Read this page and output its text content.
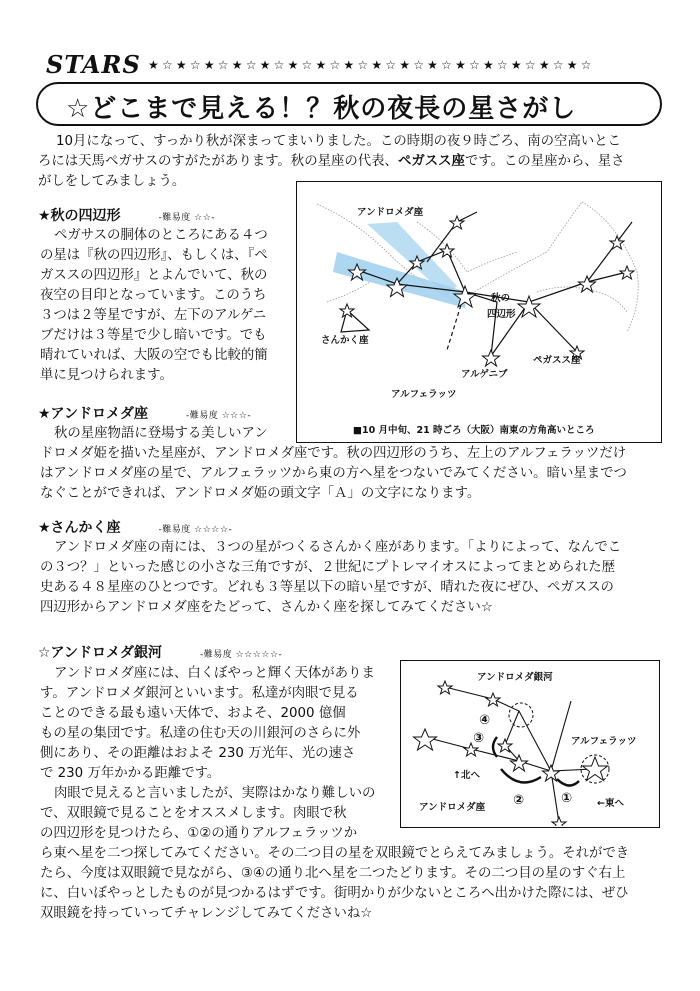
STARS ★☆★☆★☆★☆★☆★☆★☆★☆★☆★☆★☆★☆★☆★☆★☆★☆
☆どこまで見える！？秋の夜長の星さがし
10月になって、すっかり秋が深まってまいりました。この時期の夜９時ごろ、南の空高いとこ
ろには天馬ペガサスのすがたがあります。秋の星座の代表、ペガスス座です。この星座から、星さ
がしをしてみましょう。
★秋の四辺形	-難易度 ☆☆-
ペガサスの胴体のところにある４つ
の星は『秋の四辺形』、もしくは、『ペ
ガススの四辺形』とよんでいて、秋の
夜空の目印となっています。このうち
３つは２等星ですが、左下のアルゲニ
ブだけは３等星で少し暗いです。でも
晴れていれば、大阪の空でも比較的簡
単に見つけられます。
★アンドロメダ座	-難易度 ☆☆☆-
秋の星座物語に登場する美しいアン
ドロメダ姫を描いた星座が、アンドロメダ座です。秋の四辺形のうち、左上のアルフェラッツだけ
はアンドロメダ座の星で、アルフェラッツから東の方へ星をつないでみてください。暗い星までつ
なぐことができれば、アンドロメダ姫の頭文字「Ａ」の文字になります。
★さんかく座	-難易度 ☆☆☆☆-
アンドロメダ座の南には、３つの星がつくるさんかく座があります。「よりによって、なんでこ
の３つ？」といった感じの小さな三角ですが、２世紀にプトレマイオスによってまとめられた歴
史ある４８星座のひとつです。どれも３等星以下の暗い星ですが、晴れた夜にぜひ、ペガススの
四辺形からアンドロメダ座をたどって、さんかく座を探してみてください☆
☆アンドロメダ銀河	-難易度 ☆☆☆☆☆-
アンドロメダ座には、白くぼやっと輝く天体がありま
す。アンドロメダ銀河といいます。私達が肉眼で見る
ことのできる最も遠い天体で、およそ、2000 億個
もの星の集団です。私達の住む天の川銀河のさらに外
側にあり、その距離はおよそ 230 万光年、光の速さ
で 230 万年かかる距離です。
肉眼で見えると言いましたが、実際はかなり難しいの
で、双眼鏡で見ることをオススメします。肉眼で秋
の四辺形を見つけたら、①②の通りアルフェラッツか
ら東へ星を二つ探してみてください。その二つ目の星を双眼鏡でとらえてみましょう。それができ
たら、今度は双眼鏡で見ながら、③④の通り北へ星を二つたどります。その二つ目の星のすぐ右上
に、白いぼやっとしたものが見つかるはずです。街明かりが少ないところへ出かけた際には、ぜひ
双眼鏡を持っていってチャレンジしてみてくださいね☆
アンドロメダ座
秋の
四辺形
さんかく座
ペガスス座
アルゲニブ
アルフェラッツ
■10 月中旬、21 時ごろ（大阪）南東の方角高いところ
アンドロメダ銀河
アルフェラッツ
↑北へ
←東へ
アンドロメダ座
①
②
③
④
